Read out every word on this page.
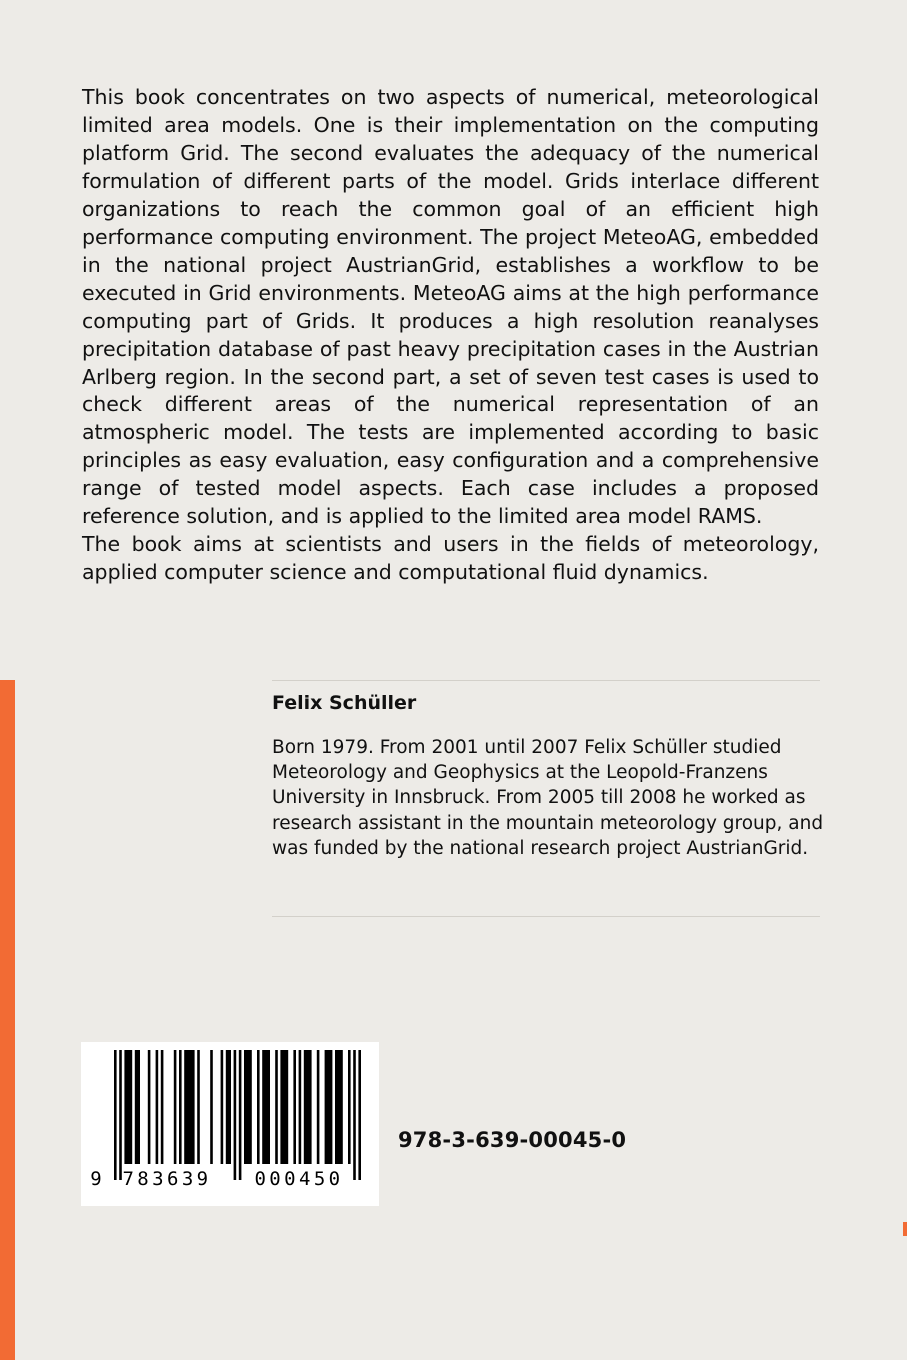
This book concentrates on two aspects of numerical, meteorological limited area models. One is their implementation on the computing platform Grid. The second evaluates the adequacy of the numerical formulation of different parts of the model. Grids interlace different organizations to reach the common goal of an efficient high performance computing environment. The project MeteoAG, embedded in the national project AustrianGrid, establishes a workflow to be executed in Grid environments. MeteoAG aims at the high performance computing part of Grids. It produces a high resolution reanalyses precipitation database of past heavy precipitation cases in the Austrian Arlberg region. In the second part, a set of seven test cases is used to check different areas of the numerical representation of an atmospheric model. The tests are implemented according to basic principles as easy evaluation, easy configuration and a comprehensive range of tested model aspects. Each case includes a proposed reference solution, and is applied to the limited area model RAMS.

The book aims at scientists and users in the fields of meteorology, applied computer science and computational fluid dynamics.

Felix Schüller

Born 1979. From 2001 until 2007 Felix Schüller studied Meteorology and Geophysics at the Leopold-Franzens University in Innsbruck. From 2005 till 2008 he worked as research assistant in the mountain meteorology group, and was funded by the national research project AustrianGrid.

9 783639 000450
978-3-639-00045-0
